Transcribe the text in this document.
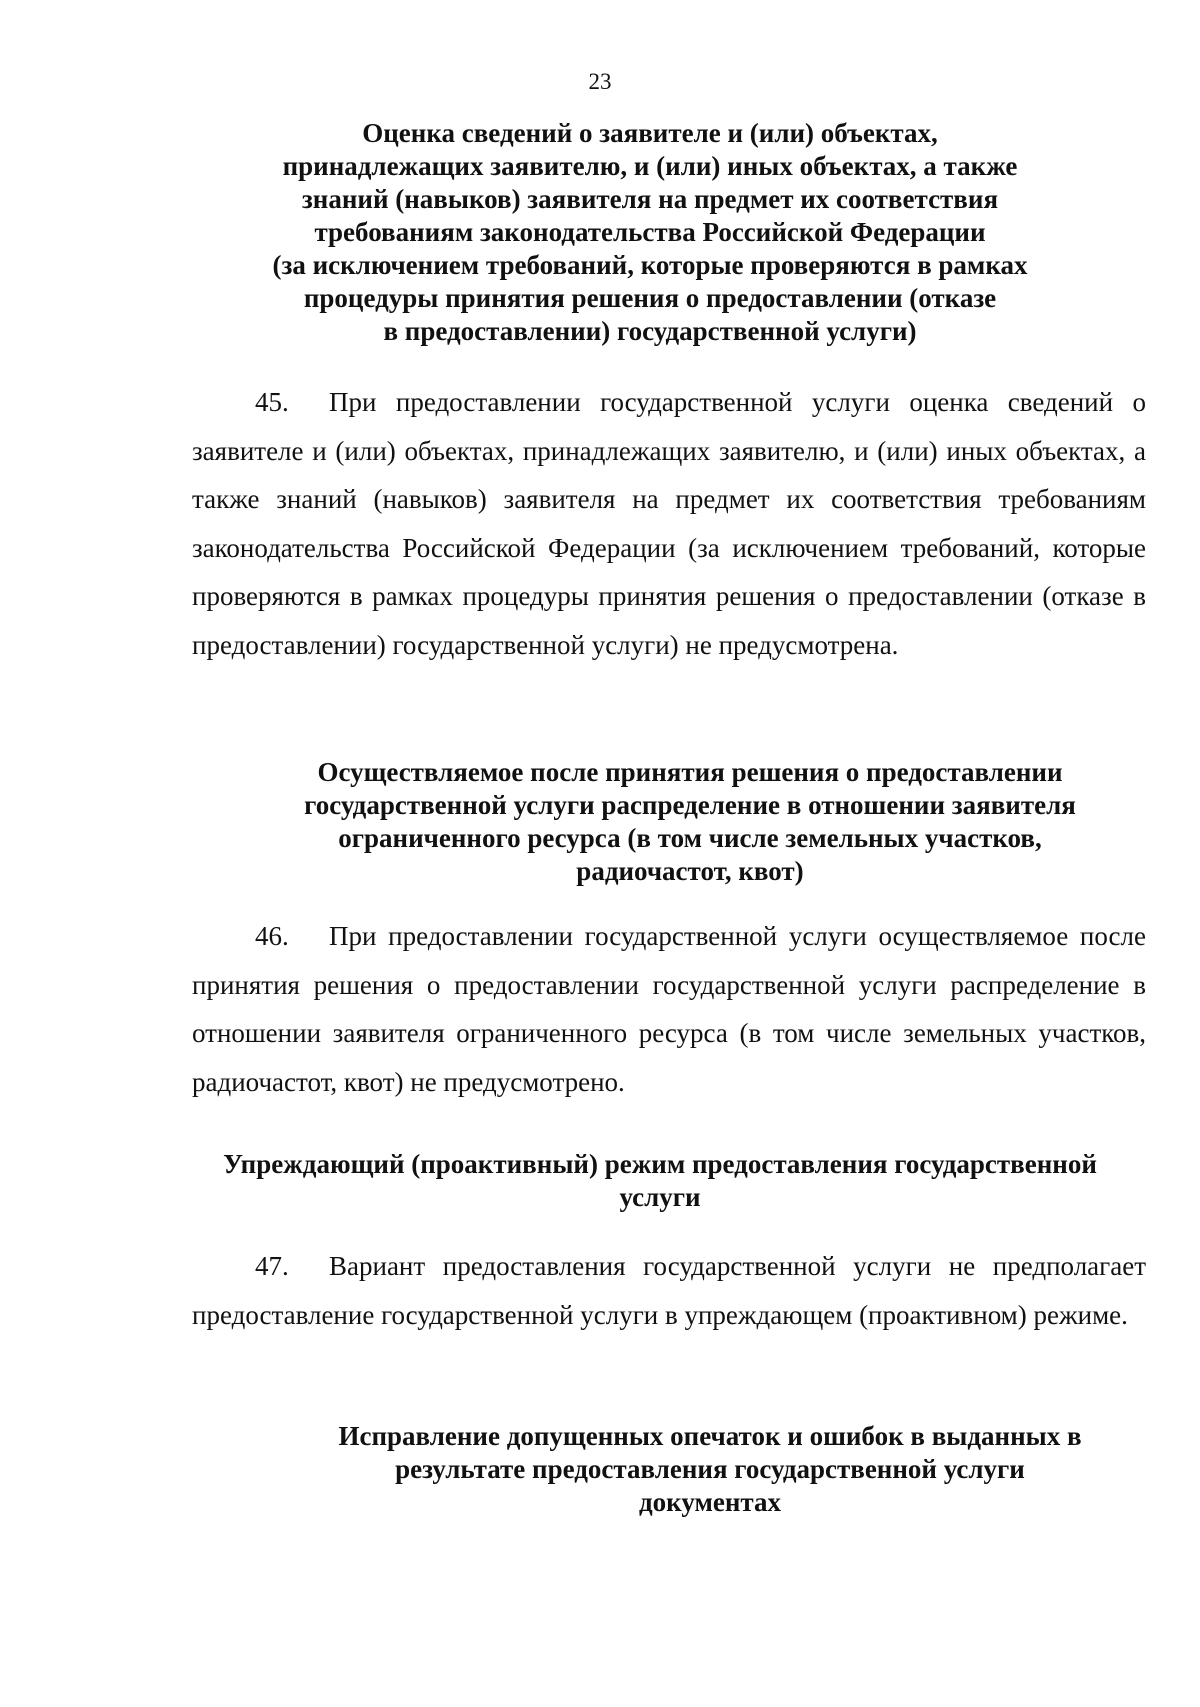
23
Оценка сведений о заявителе и (или) объектах,
принадлежащих заявителю, и (или) иных объектах, а также
знаний (навыков) заявителя на предмет их соответствия
требованиям законодательства Российской Федерации
(за исключением требований, которые проверяются в рамках
процедуры принятия решения о предоставлении (отказе
в предоставлении) государственной услуги)

45. При предоставлении государственной услуги оценка сведений о заявителе и (или) объектах, принадлежащих заявителю, и (или) иных объектах, а также знаний (навыков) заявителя на предмет их соответствия требованиям законодательства Российской Федерации (за исключением требований, которые проверяются в рамках процедуры принятия решения о предоставлении (отказе в предоставлении) государственной услуги) не предусмотрена.

Осуществляемое после принятия решения о предоставлении
государственной услуги распределение в отношении заявителя
ограниченного ресурса (в том числе земельных участков,
радиочастот, квот)

46. При предоставлении государственной услуги осуществляемое после принятия решения о предоставлении государственной услуги распределение в отношении заявителя ограниченного ресурса (в том числе земельных участков, радиочастот, квот) не предусмотрено.

Упреждающий (проактивный) режим предоставления государственной
услуги

47. Вариант предоставления государственной услуги не предполагает предоставление государственной услуги в упреждающем (проактивном) режиме.

Исправление допущенных опечаток и ошибок в выданных в
результате предоставления государственной услуги
документах
